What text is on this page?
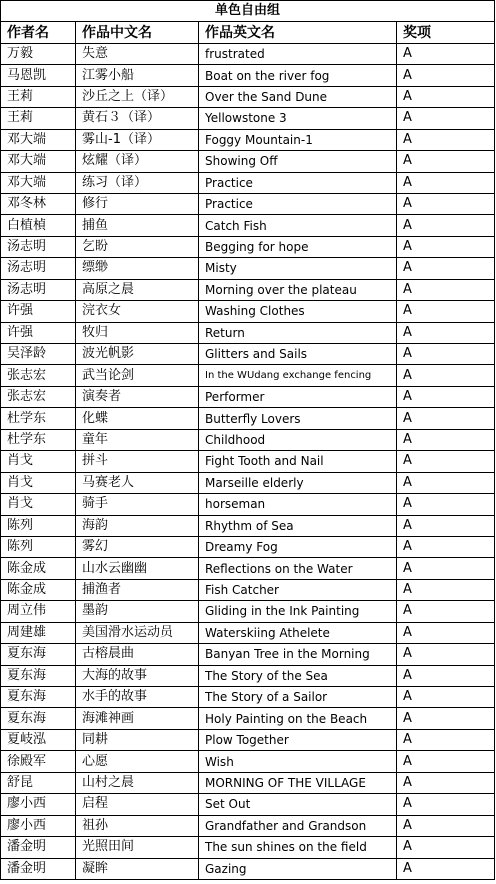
单色自由组			
作者名	作品中文名	作品英文名	奖项
万毅	失意	frustrated	A
马恩凯	江雾小船	Boat on the river fog	A
王莉	沙丘之上（译）	Over the Sand Dune	A
王莉	黄石３（译）	Yellowstone 3	A
邓大端	雾山-1（译）	Foggy Mountain-1	A
邓大端	炫耀（译）	Showing Off	A
邓大端	练习（译）	Practice	A
邓冬林	修行	Practice	A
白植楨	捕鱼	Catch Fish	A
汤志明	乞盼	Begging for hope	A
汤志明	缥缈	Misty	A
汤志明	高原之晨	Morning over the plateau	A
许强	浣衣女	Washing Clothes	A
许强	牧归	Return	A
吴泽龄	波光帆影	Glitters and Sails	A
张志宏	武当论剑	In the WUdang exchange fencing	A
张志宏	演奏者	Performer	A
杜学东	化蝶	Butterfly Lovers	A
杜学东	童年	Childhood	A
肖戈	拼斗	Fight Tooth and Nail	A
肖戈	马赛老人	Marseille elderly	A
肖戈	骑手	horseman	A
陈列	海韵	Rhythm of Sea	A
陈列	雾幻	Dreamy Fog	A
陈金成	山水云幽幽	Reflections on the Water	A
陈金成	捕渔者	Fish Catcher	A
周立伟	墨韵	Gliding in the Ink Painting	A
周建雄	美国滑水运动员	Waterskiing Athelete	A
夏东海	古榕晨曲	Banyan Tree in the Morning	A
夏东海	大海的故事	The Story of the Sea	A
夏东海	水手的故事	The Story of a Sailor	A
夏东海	海滩神画	Holy Painting on the Beach	A
夏岐泓	同耕	Plow Together	A
徐殿军	心愿	Wish	A
舒昆	山村之晨	MORNING OF THE VILLAGE	A
廖小西	启程	Set Out	A
廖小西	祖孙	Grandfather and Grandson	A
潘金明	光照田间	The sun shines on the field	A
潘金明	凝眸	Gazing	A
